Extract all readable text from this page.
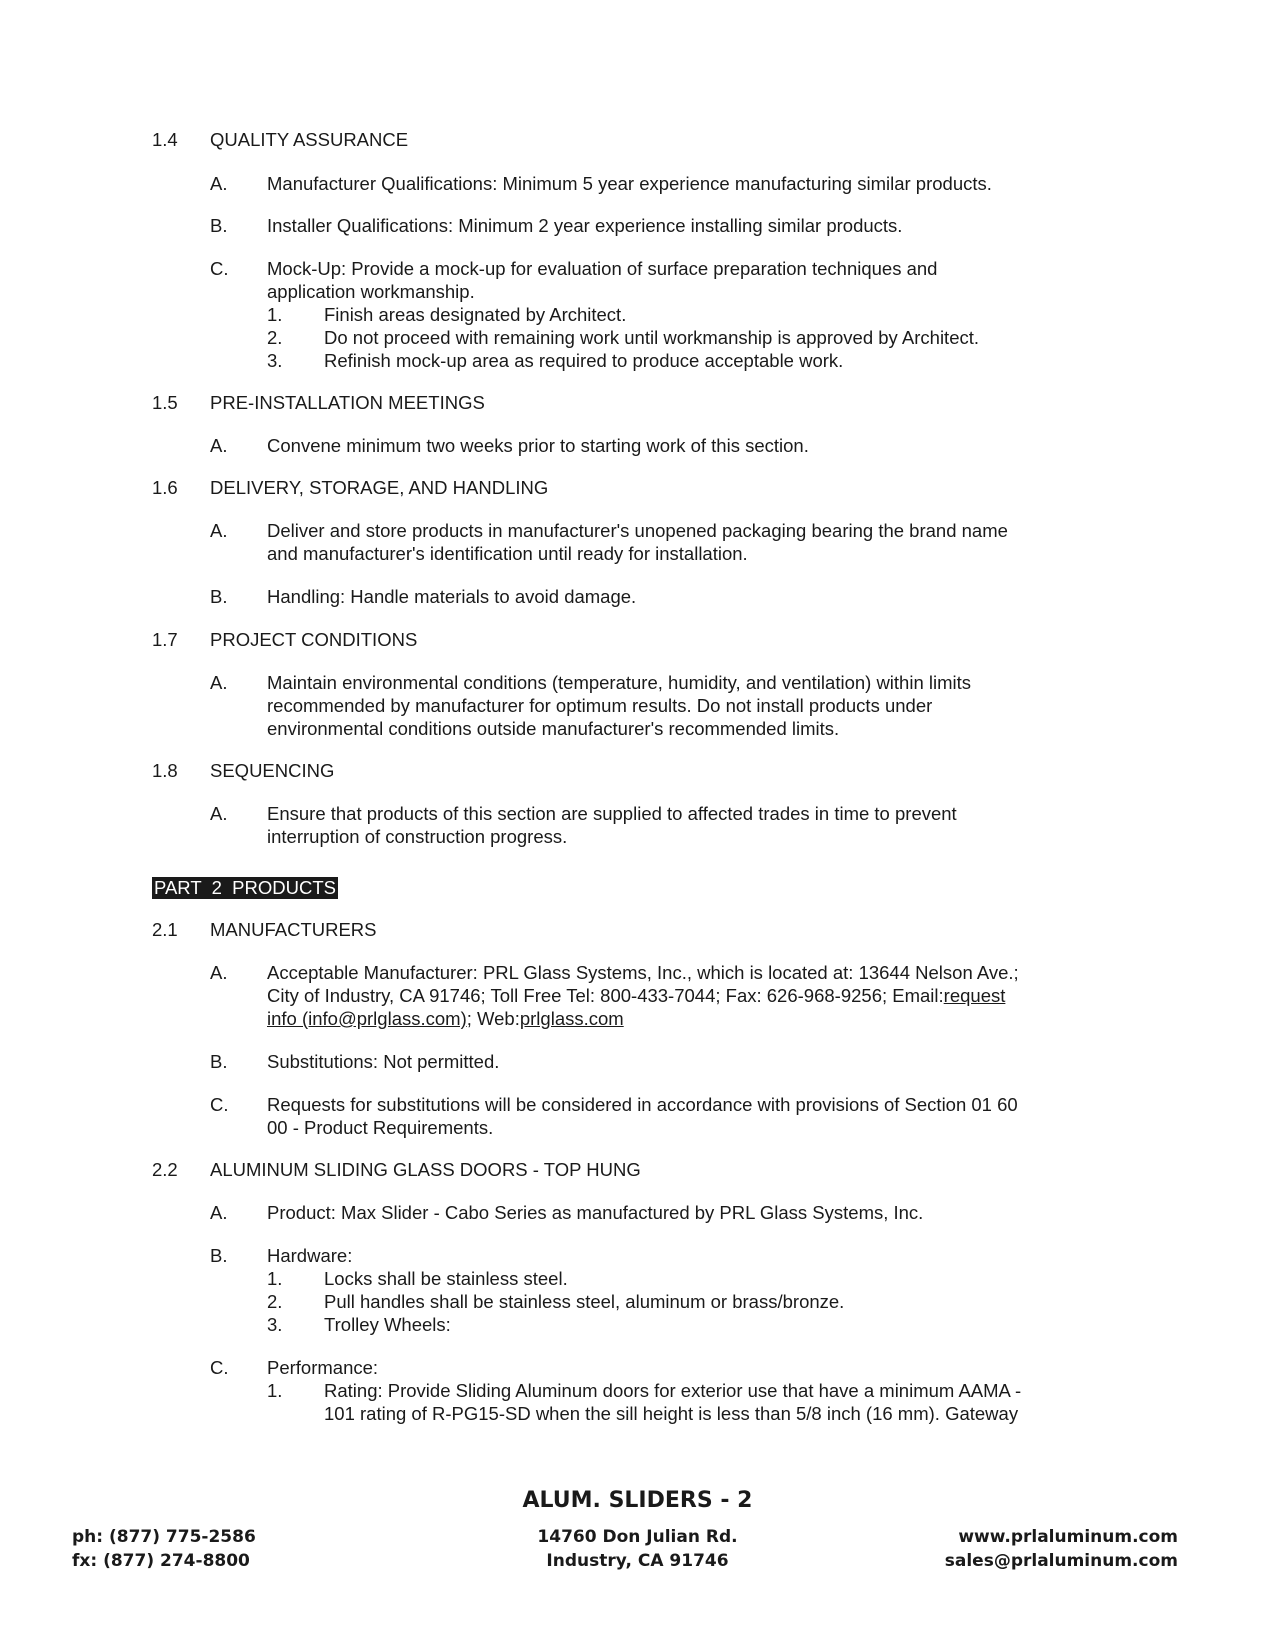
1.4 QUALITY ASSURANCE
A. Manufacturer Qualifications: Minimum 5 year experience manufacturing similar products.
B. Installer Qualifications: Minimum 2 year experience installing similar products.
C. Mock-Up: Provide a mock-up for evaluation of surface preparation techniques and
application workmanship.
1. Finish areas designated by Architect.
2. Do not proceed with remaining work until workmanship is approved by Architect.
3. Refinish mock-up area as required to produce acceptable work.
1.5 PRE-INSTALLATION MEETINGS
A. Convene minimum two weeks prior to starting work of this section.
1.6 DELIVERY, STORAGE, AND HANDLING
A. Deliver and store products in manufacturer's unopened packaging bearing the brand name
and manufacturer's identification until ready for installation.
B. Handling: Handle materials to avoid damage.
1.7 PROJECT CONDITIONS
A. Maintain environmental conditions (temperature, humidity, and ventilation) within limits
recommended by manufacturer for optimum results. Do not install products under
environmental conditions outside manufacturer's recommended limits.
1.8 SEQUENCING
A. Ensure that products of this section are supplied to affected trades in time to prevent
interruption of construction progress.
PART  2  PRODUCTS
2.1 MANUFACTURERS
A. Acceptable Manufacturer: PRL Glass Systems, Inc., which is located at: 13644 Nelson Ave.;
City of Industry, CA 91746; Toll Free Tel: 800-433-7044; Fax: 626-968-9256; Email:request
info (info@prlglass.com); Web:prlglass.com
B. Substitutions: Not permitted.
C. Requests for substitutions will be considered in accordance with provisions of Section 01 60
00 - Product Requirements.
2.2 ALUMINUM SLIDING GLASS DOORS - TOP HUNG
A. Product: Max Slider - Cabo Series as manufactured by PRL Glass Systems, Inc.
B. Hardware:
1. Locks shall be stainless steel.
2. Pull handles shall be stainless steel, aluminum or brass/bronze.
3. Trolley Wheels:
C. Performance:
1. Rating: Provide Sliding Aluminum doors for exterior use that have a minimum AAMA -
101 rating of R-PG15-SD when the sill height is less than 5/8 inch (16 mm). Gateway
ALUM. SLIDERS - 2
ph: (877) 775-2586
fx: (877) 274-8800
14760 Don Julian Rd.
Industry, CA 91746
www.prlaluminum.com
sales@prlaluminum.com
